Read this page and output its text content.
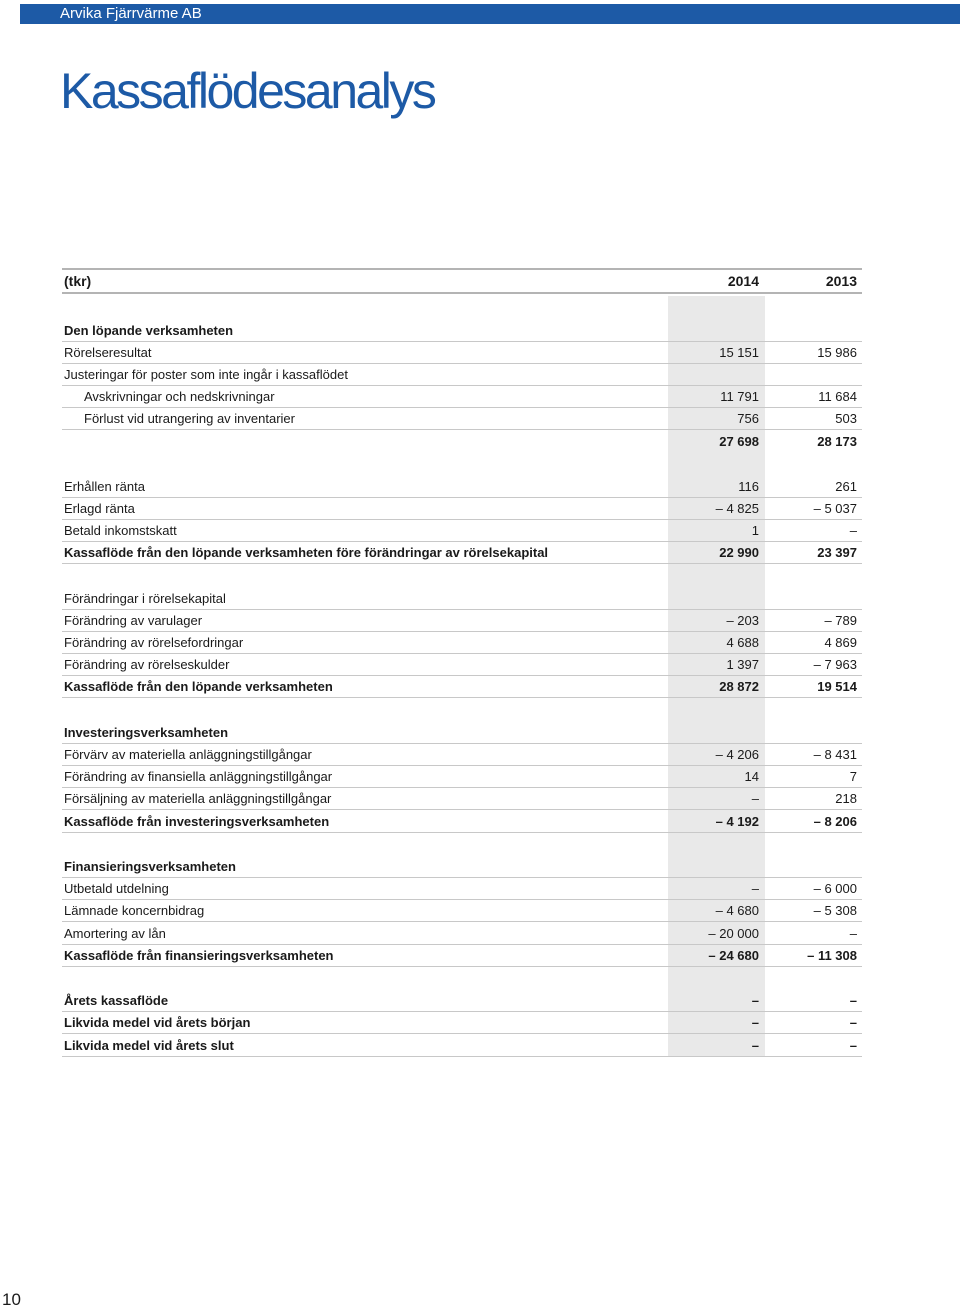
Arvika Fjärrvärme AB
Kassaflödesanalys
(tkr)	2014	2013
Den löpande verksamheten
Rörelseresultat	15 151	15 986
Justeringar för poster som inte ingår i kassaflödet
Avskrivningar och nedskrivningar	11 791	11 684
Förlust vid utrangering av inventarier	756	503
27 698	28 173
Erhållen ränta	116	261
Erlagd ränta	– 4 825	– 5 037
Betald inkomstskatt	1	–
Kassaflöde från den löpande verksamheten före förändringar av rörelsekapital	22 990	23 397
Förändringar i rörelsekapital
Förändring av varulager	– 203	– 789
Förändring av rörelsefordringar	4 688	4 869
Förändring av rörelseskulder	1 397	– 7 963
Kassaflöde från den löpande verksamheten	28 872	19 514
Investeringsverksamheten
Förvärv av materiella anläggningstillgångar	– 4 206	– 8 431
Förändring av finansiella anläggningstillgångar	14	7
Försäljning av materiella anläggningstillgångar	–	218
Kassaflöde från investeringsverksamheten	– 4 192	– 8 206
Finansieringsverksamheten
Utbetald utdelning	–	– 6 000
Lämnade koncernbidrag	– 4 680	– 5 308
Amortering av lån	– 20 000	–
Kassaflöde från finansieringsverksamheten	– 24 680	– 11 308
Årets kassaflöde	–	–
Likvida medel vid årets början	–	–
Likvida medel vid årets slut	–	–
10
